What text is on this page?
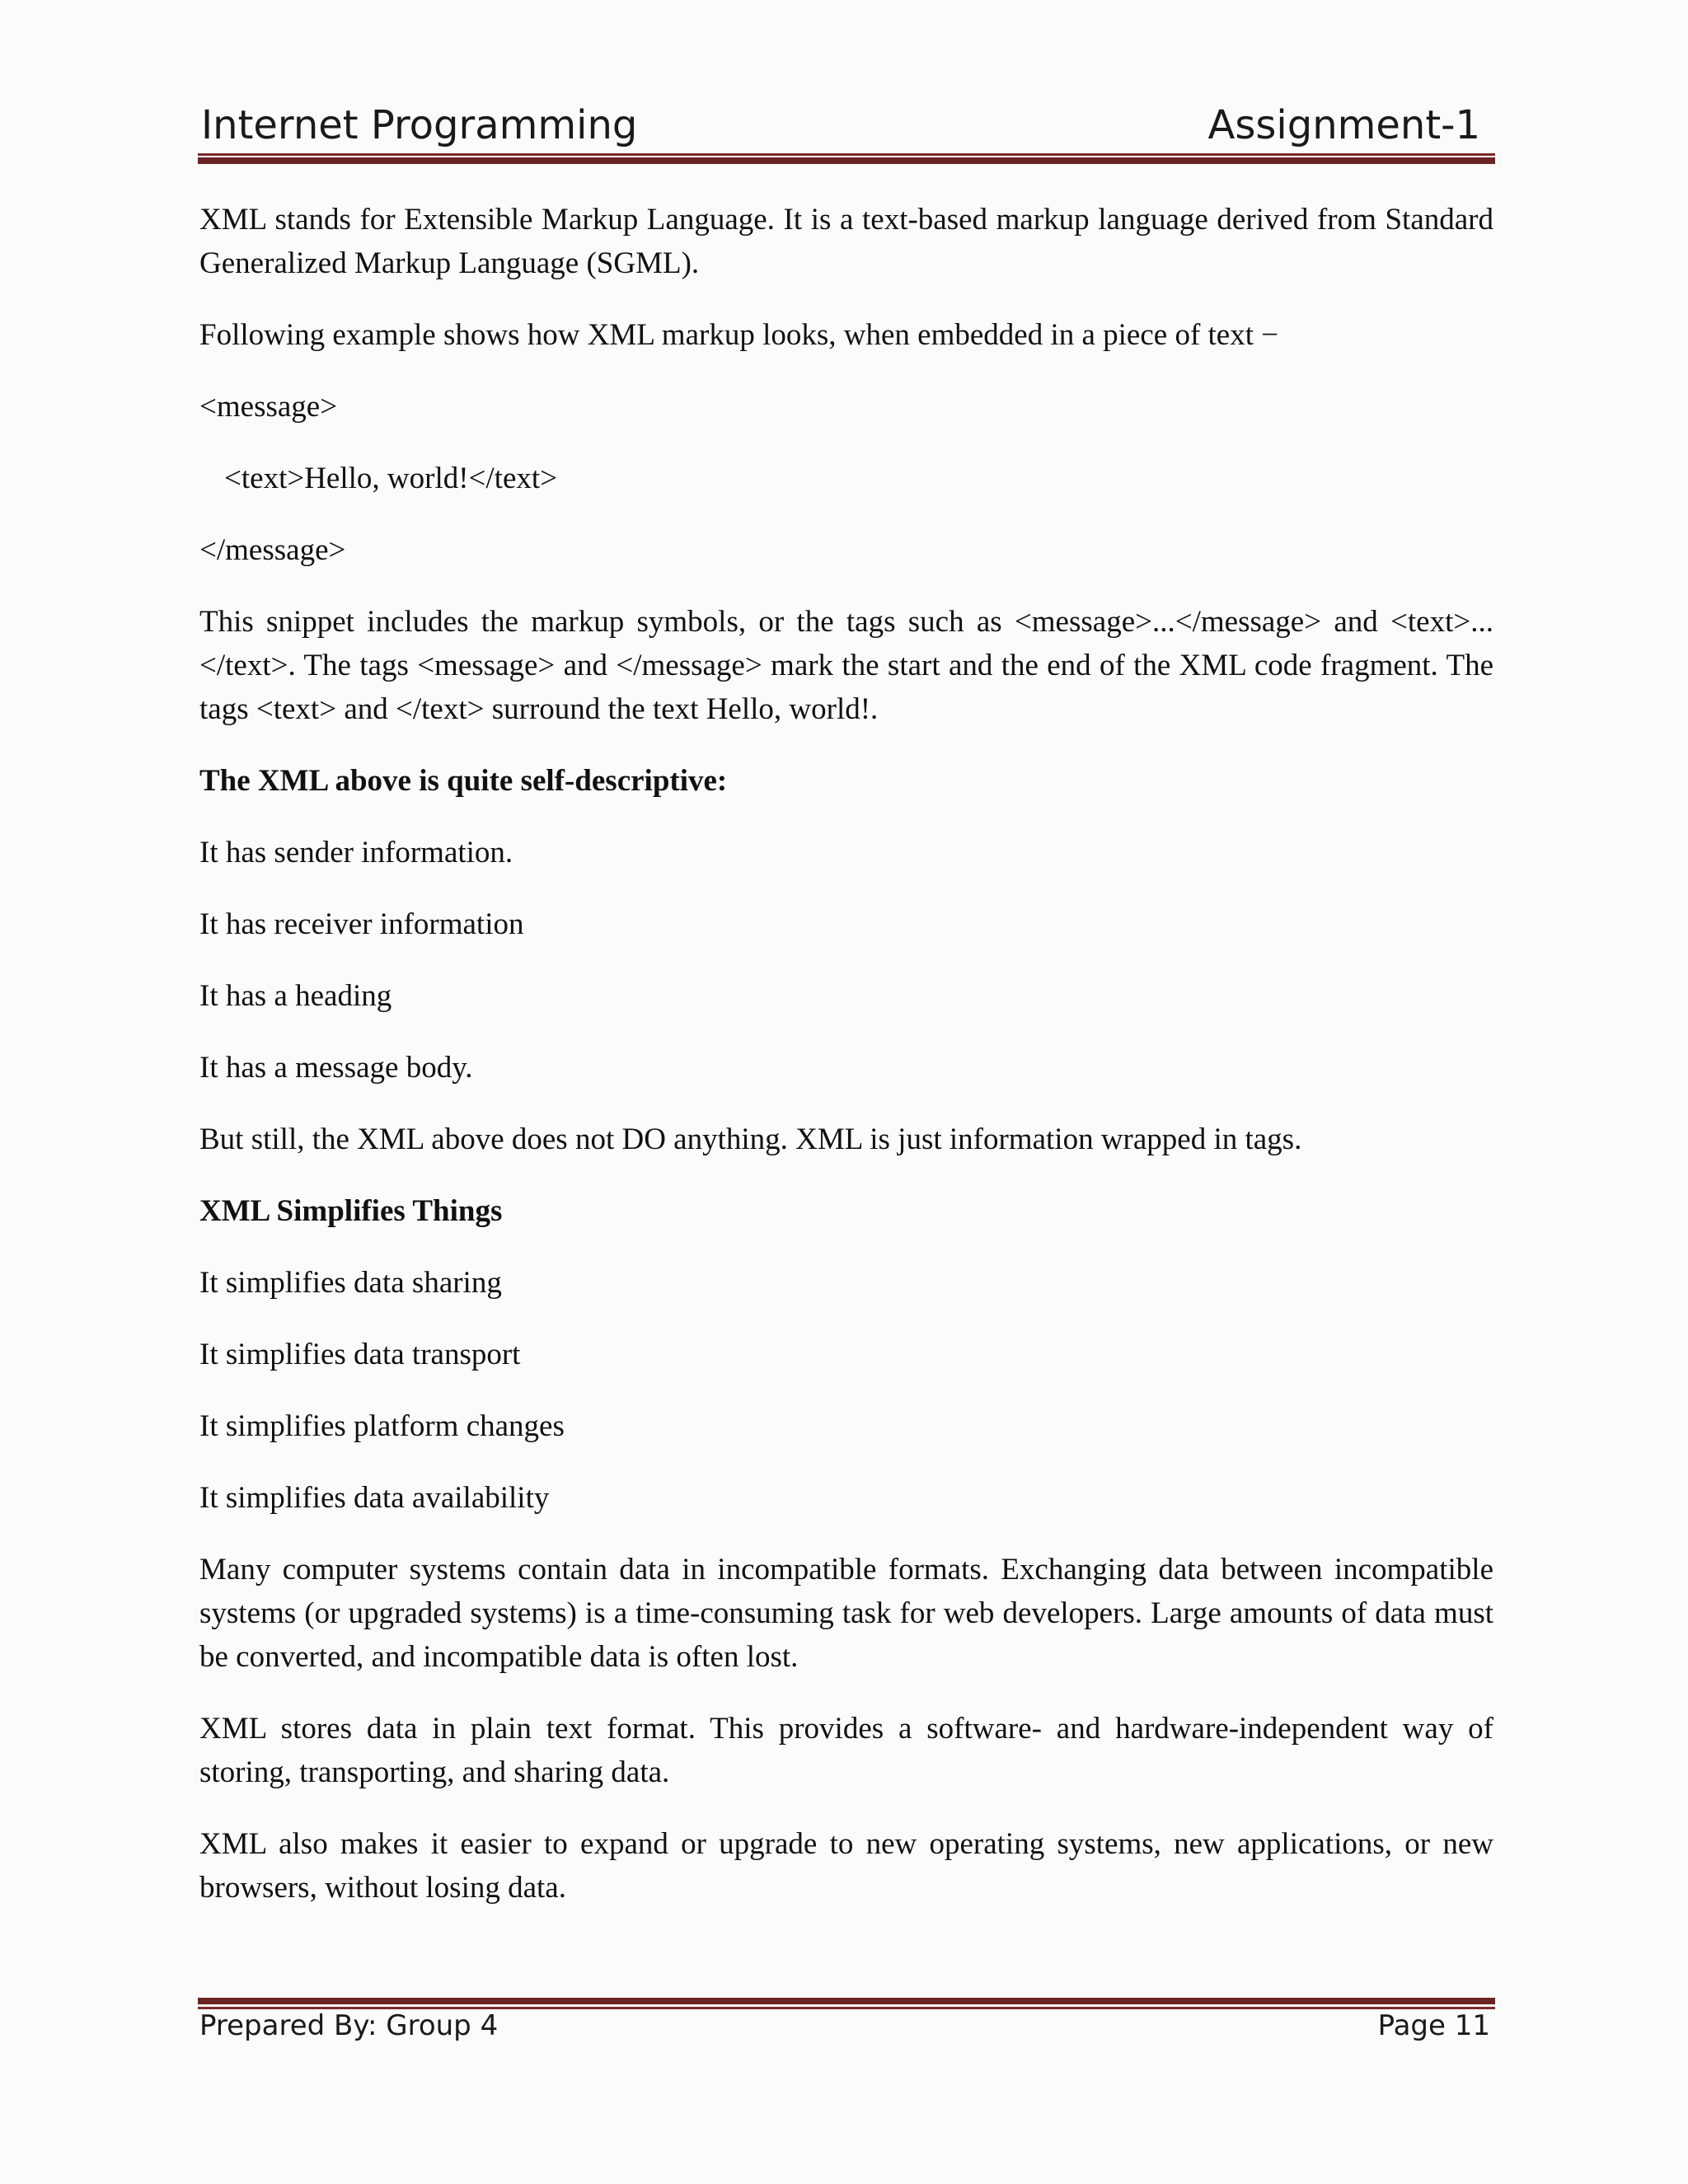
Internet Programming	Assignment-1

XML stands for Extensible Markup Language. It is a text-based markup language derived from Standard Generalized Markup Language (SGML).

Following example shows how XML markup looks, when embedded in a piece of text −

<message>

<text>Hello, world!</text>

</message>

This snippet includes the markup symbols, or the tags such as <message>...</message> and <text>... </text>. The tags <message> and </message> mark the start and the end of the XML code fragment. The tags <text> and </text> surround the text Hello, world!.

The XML above is quite self-descriptive:

It has sender information.

It has receiver information

It has a heading

It has a message body.

But still, the XML above does not DO anything. XML is just information wrapped in tags.

XML Simplifies Things

It simplifies data sharing

It simplifies data transport

It simplifies platform changes

It simplifies data availability

Many computer systems contain data in incompatible formats. Exchanging data between incompatible systems (or upgraded systems) is a time-consuming task for web developers. Large amounts of data must be converted, and incompatible data is often lost.

XML stores data in plain text format. This provides a software- and hardware-independent way of storing, transporting, and sharing data.

XML also makes it easier to expand or upgrade to new operating systems, new applications, or new browsers, without losing data.

Prepared By: Group 4	Page 11
